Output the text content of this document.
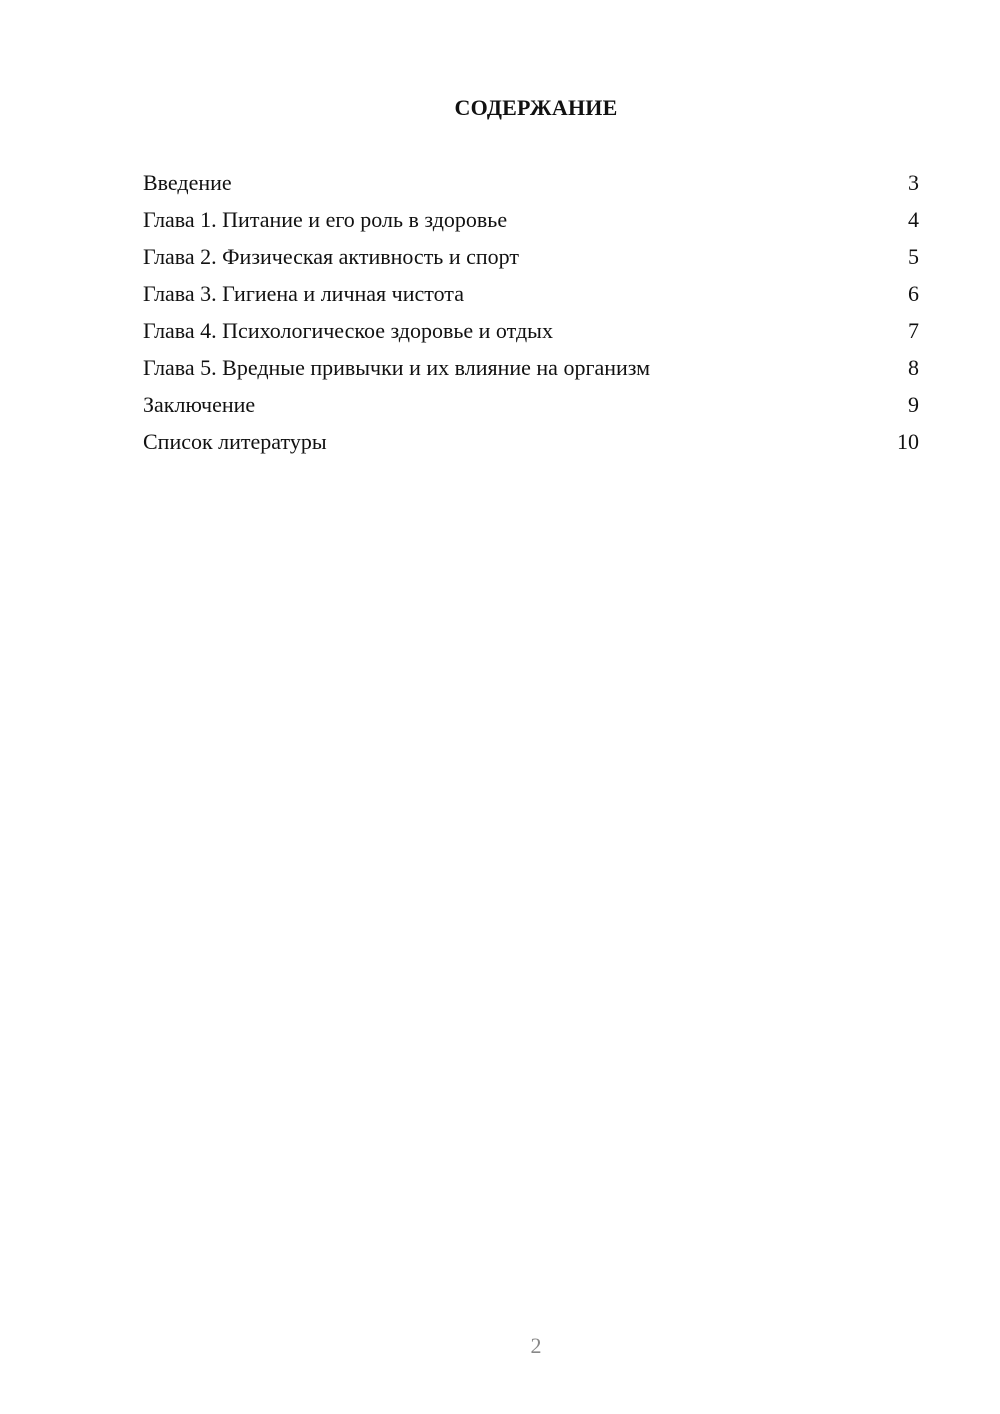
СОДЕРЖАНИЕ
Введение	3
Глава 1. Питание и его роль в здоровье	4
Глава 2. Физическая активность и спорт	5
Глава 3. Гигиена и личная чистота	6
Глава 4. Психологическое здоровье и отдых	7
Глава 5. Вредные привычки и их влияние на организм	8
Заключение	9
Список литературы	10
2
